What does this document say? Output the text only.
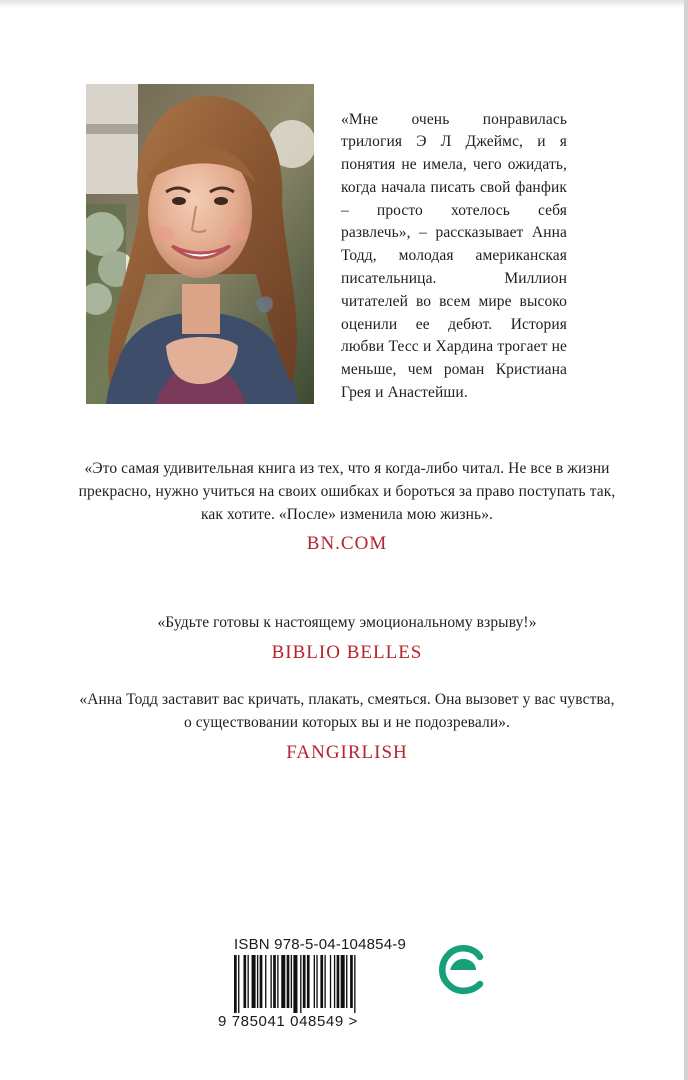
«Мне очень понравилась трилогия Э Л Джеймс, и я понятия не имела, чего ожидать, когда начала писать свой фанфик – просто хотелось себя развлечь», – рассказывает Анна Тодд, молодая американская писательница. Миллион читателей во всем мире высоко оценили ее дебют. История любви Тесс и Хардина трогает не меньше, чем роман Кристиана Грея и Анастейши.

«Это самая удивительная книга из тех, что я когда-либо читал. Не все в жизни прекрасно, нужно учиться на своих ошибках и бороться за право поступать так, как хотите. «После» изменила мою жизнь».

BN.COM

«Будьте готовы к настоящему эмоциональному взрыву!»

BIBLIO BELLES

«Анна Тодд заставит вас кричать, плакать, смеяться. Она вызовет у вас чувства, о существовании которых вы и не подозревали».

FANGIRLISH
ISBN 978-5-04-104854-9
9 785041 048549 >
